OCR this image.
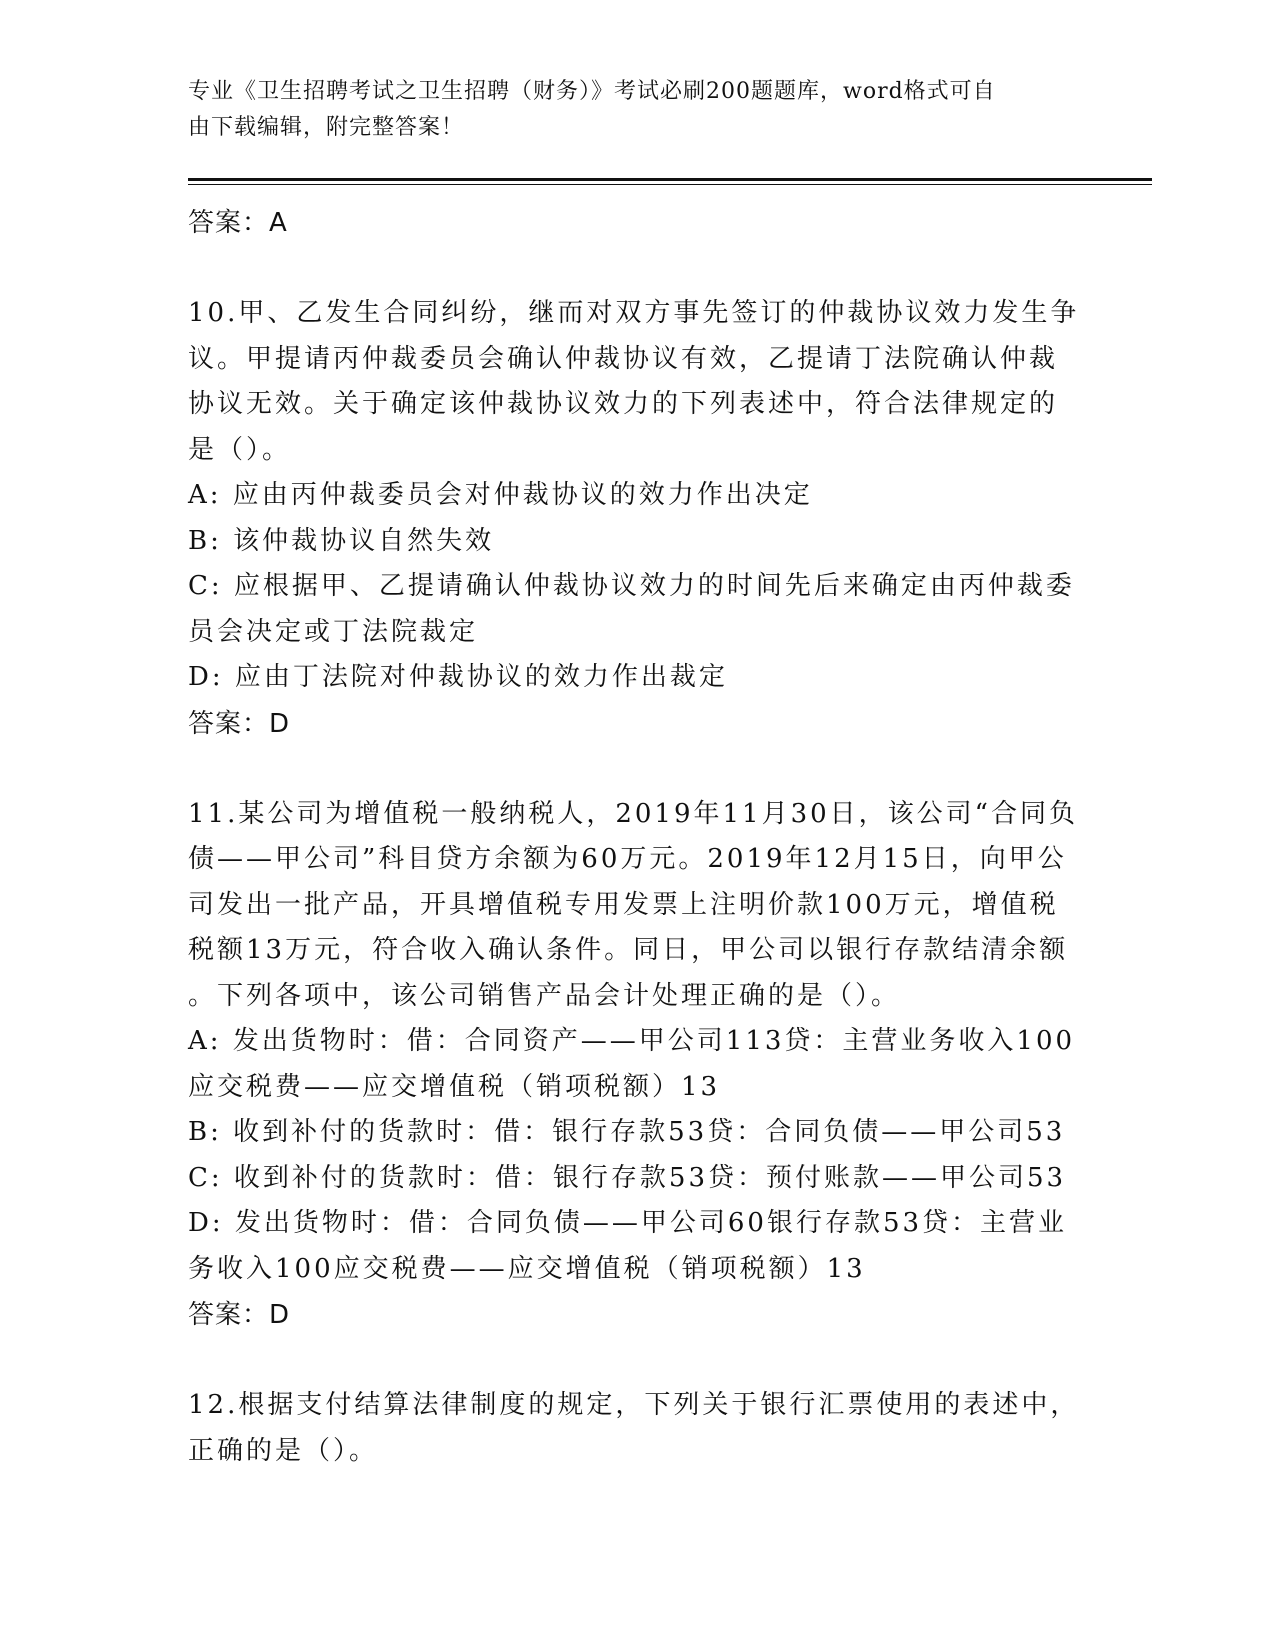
专业《卫生招聘考试之卫生招聘（财务）》考试必刷200题题库，word格式可自
由下载编辑，附完整答案！
答案：A
10.甲、乙发生合同纠纷，继而对双方事先签订的仲裁协议效力发生争
议。甲提请丙仲裁委员会确认仲裁协议有效，乙提请丁法院确认仲裁
协议无效。关于确定该仲裁协议效力的下列表述中，符合法律规定的
是（）。
A: 应由丙仲裁委员会对仲裁协议的效力作出决定
B: 该仲裁协议自然失效
C: 应根据甲、乙提请确认仲裁协议效力的时间先后来确定由丙仲裁委
员会决定或丁法院裁定
D: 应由丁法院对仲裁协议的效力作出裁定
答案：D
11.某公司为增值税一般纳税人，2019年11月30日，该公司“合同负
债——甲公司”科目贷方余额为60万元。2019年12月15日，向甲公
司发出一批产品，开具增值税专用发票上注明价款100万元，增值税
税额13万元，符合收入确认条件。同日，甲公司以银行存款结清余额
。下列各项中，该公司销售产品会计处理正确的是（）。
A: 发出货物时：借：合同资产——甲公司113贷：主营业务收入100
应交税费——应交增值税（销项税额）13
B: 收到补付的货款时：借：银行存款53贷：合同负债——甲公司53
C: 收到补付的货款时：借：银行存款53贷：预付账款——甲公司53
D: 发出货物时：借：合同负债——甲公司60银行存款53贷：主营业
务收入100应交税费——应交增值税（销项税额）13
答案：D
12.根据支付结算法律制度的规定，下列关于银行汇票使用的表述中，
正确的是（）。
